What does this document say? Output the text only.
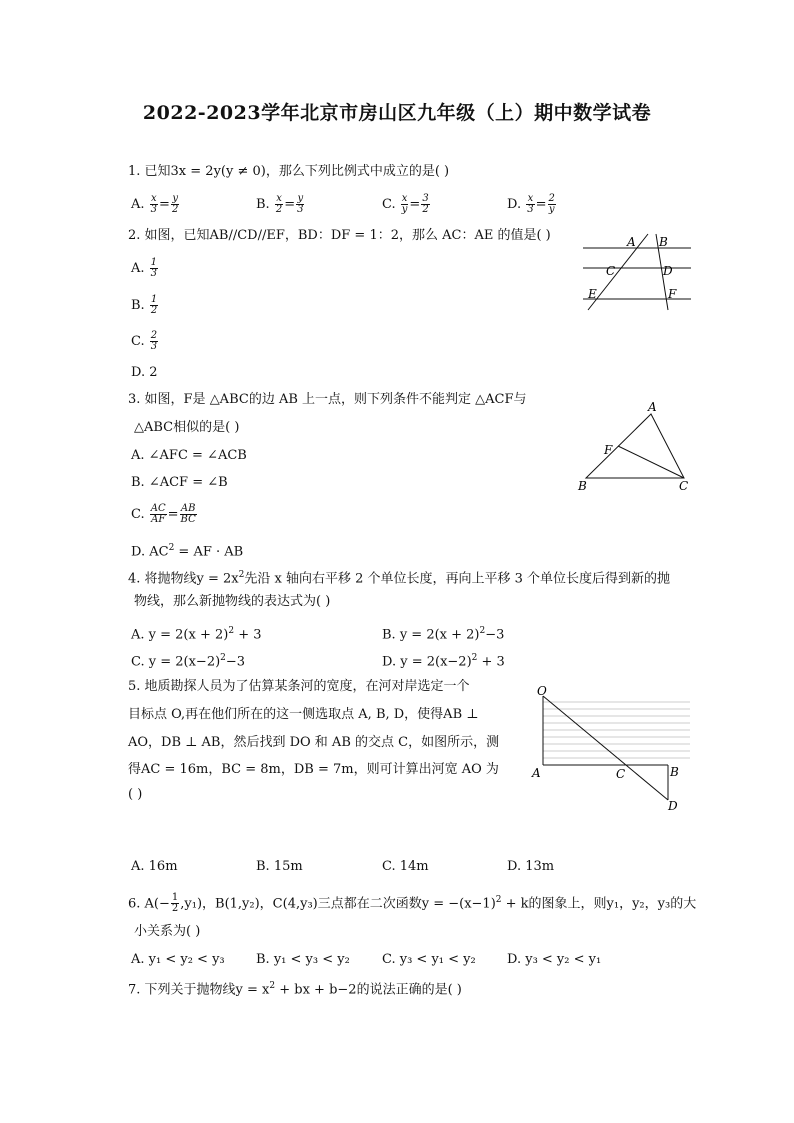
2022-2023学年北京市房山区九年级（上）期中数学试卷
1. 已知3x = 2y(y ≠ 0)，那么下列比例式中成立的是( )
A. $\frac{x}{3} = \frac{y}{2}$	B. $\frac{x}{2} = \frac{y}{3}$	C. $\frac{x}{y} = \frac{3}{2}$	D. $\frac{x}{3} = \frac{2}{y}$
2. 如图，已知AB//CD//EF，BD：DF = 1：2，那么 AC：AE 的值是( )
A. $\frac{1}{3}$
B. $\frac{1}{2}$
C. $\frac{2}{3}$
D. 2
A B
C	D
E	F
3. 如图，F是 △ABC的边 AB 上一点，则下列条件不能判定 △ACF与
△ABC相似的是( )
A. ∠AFC = ∠ACB
B. ∠ACF = ∠B
C. $\frac{AC}{AF} = \frac{AB}{BC}$
D. $AC^2$ = AF · AB
A
B	C
F
4. 将抛物线$y = 2x^2$先沿 x 轴向右平移 2 个单位长度，再向上平移 3 个单位长度后得到新的抛
物线，那么新抛物线的表达式为( )
A. $y = 2(x + 2)^2 + 3$	B. $y = 2(x + 2)^2-3$
C. $y = 2(x-2)^2-3$	D. $y = 2(x-2)^2 + 3$
5. 地质勘探人员为了估算某条河的宽度，在河对岸选定一个
目标点 O,再在他们所在的这一侧选取点 A, B, D，使得AB ⊥
AO，DB ⊥ AB，然后找到 DO 和 AB 的交点 C，如图所示，测
得AC = 16m，BC = 8m，DB = 7m，则可计算出河宽 AO 为
( )
A. 16m	B. 15m	C. 14m	D. 13m
O
A	B
C
D
6. $A(- \frac{1}{2} ,y_1)$，B(1,y₂)，C(4,y₃)三点都在二次函数$y = -(x-1)^2 + k$的图象上，则y₁，y₂，y₃的大
小关系为( )
A. y₁ < y₂ < y₃ B. y₁ < y₃ < y₂ C. y₃ < y₁ < y₂ D. y₃ < y₂ < y₁
7. 下列关于抛物线$y = x^2$ + bx + b−2的说法正确的是( )
